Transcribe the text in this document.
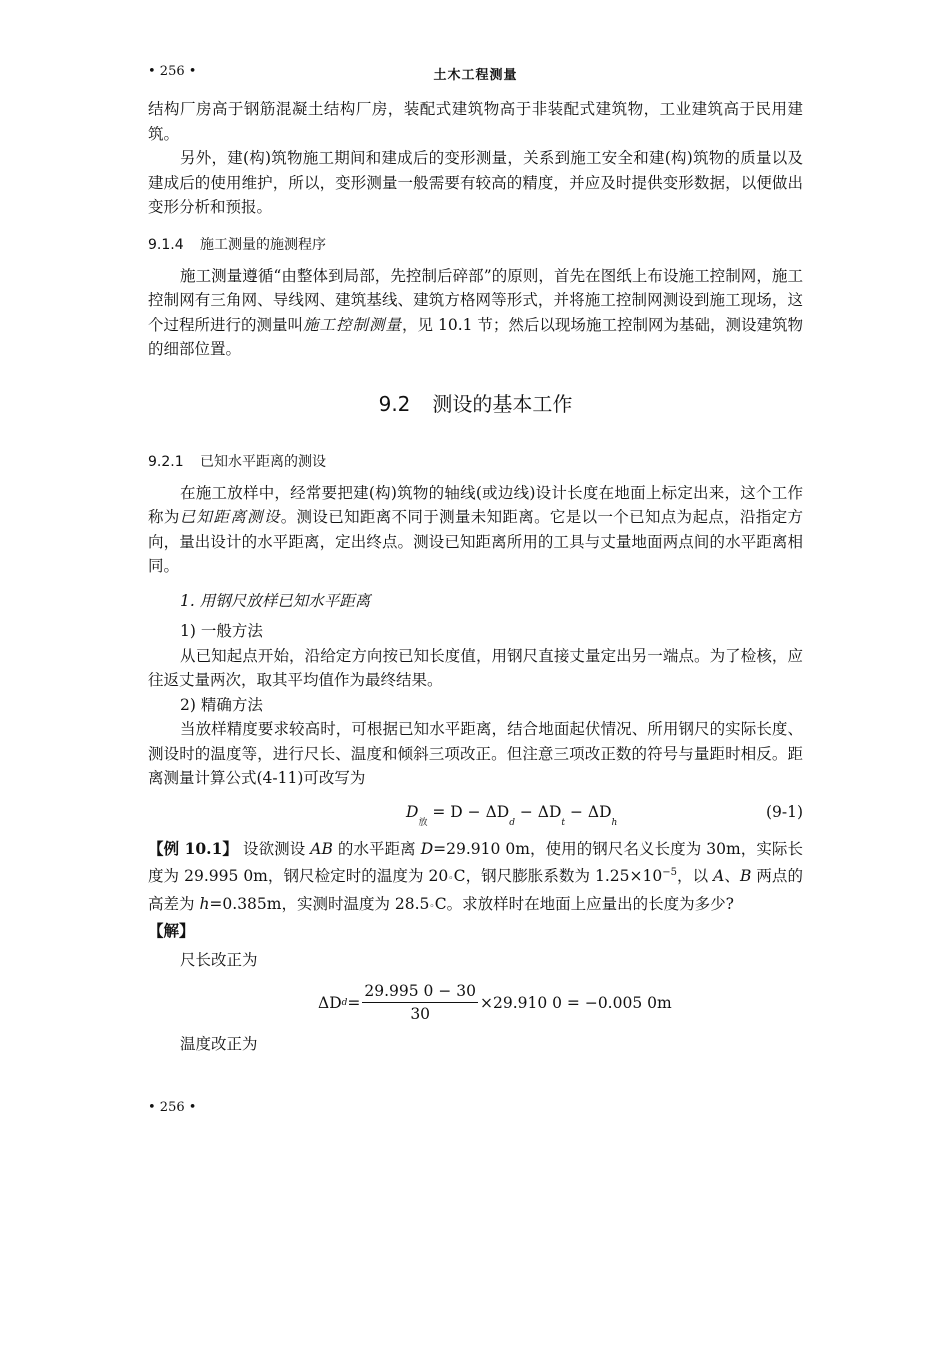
• 256 •	土木工程测量

结构厂房高于钢筋混凝土结构厂房，装配式建筑物高于非装配式建筑物，工业建筑高于民用建筑。

另外，建(构)筑物施工期间和建成后的变形测量，关系到施工安全和建(构)筑物的质量以及建成后的使用维护，所以，变形测量一般需要有较高的精度，并应及时提供变形数据，以便做出变形分析和预报。

9.1.4 施工测量的施测程序

施工测量遵循“由整体到局部，先控制后碎部”的原则，首先在图纸上布设施工控制网，施工控制网有三角网、导线网、建筑基线、建筑方格网等形式，并将施工控制网测设到施工现场，这个过程所进行的测量叫施工控制测量，见 10.1 节；然后以现场施工控制网为基础，测设建筑物的细部位置。

9.2 测设的基本工作
9.2.1 已知水平距离的测设

在施工放样中，经常要把建(构)筑物的轴线(或边线)设计长度在地面上标定出来，这个工作称为已知距离测设。测设已知距离不同于测量未知距离。它是以一个已知点为起点，沿指定方向，量出设计的水平距离，定出终点。测设已知距离所用的工具与丈量地面两点间的水平距离相同。

1. 用钢尺放样已知水平距离

1) 一般方法

从已知起点开始，沿给定方向按已知长度值，用钢尺直接丈量定出另一端点。为了检核，应往返丈量两次，取其平均值作为最终结果。

2) 精确方法

当放样精度要求较高时，可根据已知水平距离，结合地面起伏情况、所用钢尺的实际长度、测设时的温度等，进行尺长、温度和倾斜三项改正。但注意三项改正数的符号与量距时相反。距离测量计算公式(4-11)可改写为

$D_放 = D - \Delta D_d - \Delta D_t - \Delta D_h$
(9-1)

【例 10.1】 设欲测设 AB 的水平距离 D=29.910 0m，使用的钢尺名义长度为 30m，实际长度为 29.995 0m，钢尺检定时的温度为 20◦C，钢尺膨胀系数为 $1.25\times 10^{-5}$，以 A、B 两点的高差为 h=0.385m，实测时温度为 28.5◦C。求放样时在地面上应量出的长度为多少?

【解】

尺长改正为

ΔD $d = \frac{29.995 0 - 30}{30} \times 29.910$ 0 = −0.005 0m

温度改正为

• 256 •
